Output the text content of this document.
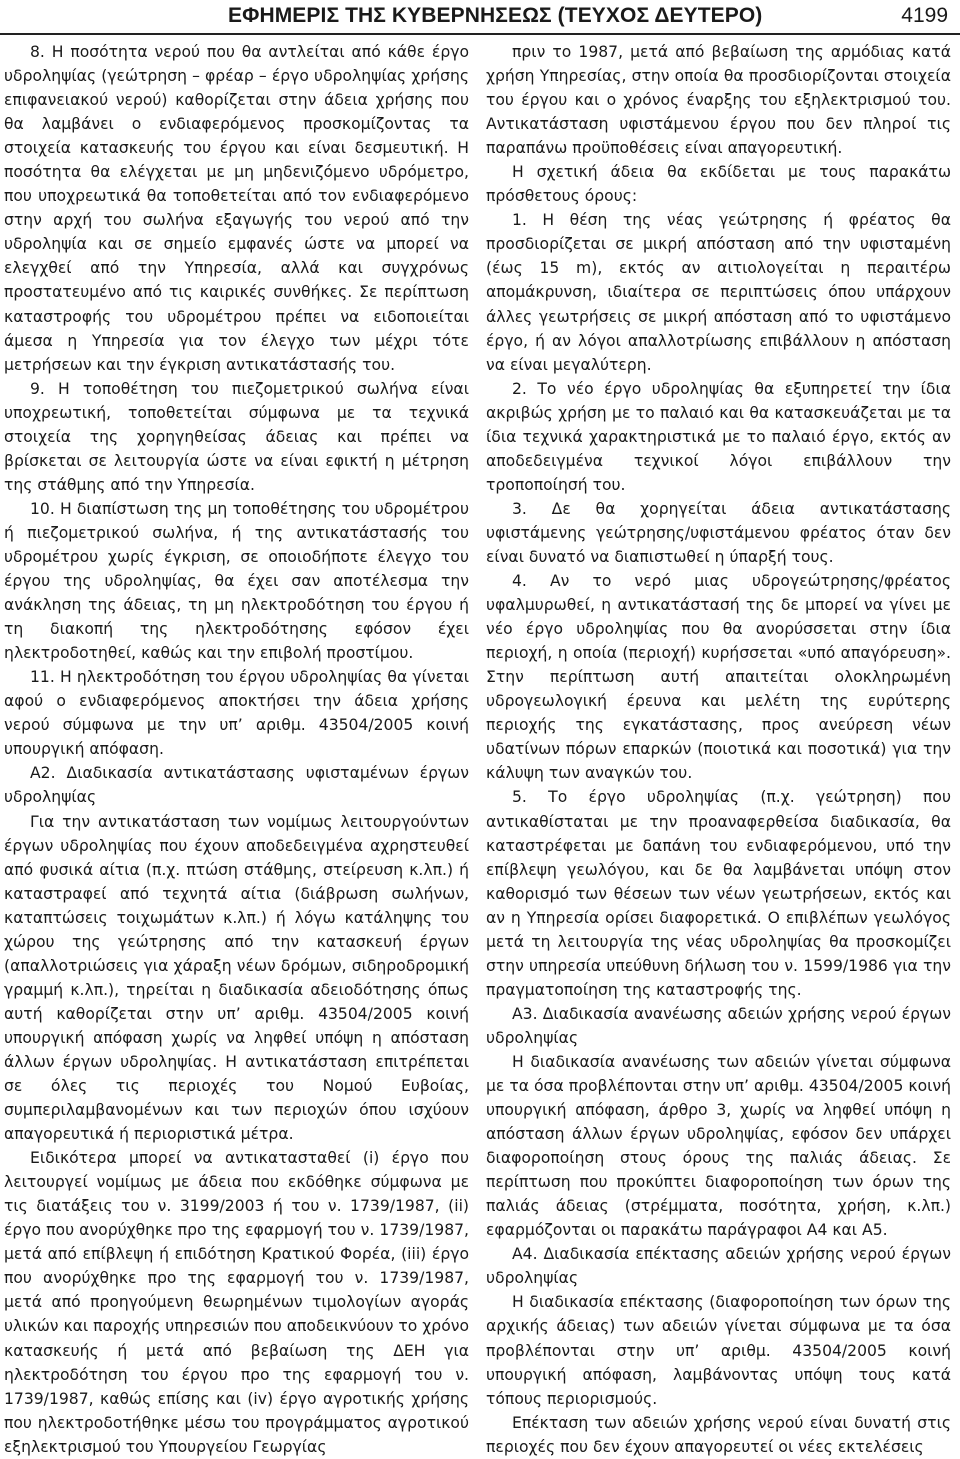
ΕΦΗΜΕΡΙΣ ΤΗΣ ΚΥΒΕΡΝΗΣΕΩΣ (ΤΕΥΧΟΣ ΔΕΥΤΕΡΟ)	4199

8. Η ποσότητα νερού που θα αντλείται από κάθε έργο υδροληψίας (γεώτρηση – φρέαρ – έργο υδροληψίας χρήσης επιφανειακού νερού) καθορίζεται στην άδεια χρήσης που θα λαμβάνει ο ενδιαφερόμενος προσκομίζοντας τα στοιχεία κατασκευής του έργου και είναι δεσμευτική. Η ποσότητα θα ελέγχεται με μη μηδενιζόμενο υδρόμετρο, που υποχρεωτικά θα τοποθετείται από τον ενδιαφερόμενο στην αρχή του σωλήνα εξαγωγής του νερού από την υδροληψία και σε σημείο εμφανές ώστε να μπορεί να ελεγχθεί από την Υπηρεσία, αλλά και συγχρόνως προστατευμένο από τις καιρικές συνθήκες. Σε περίπτωση καταστροφής του υδρομέτρου πρέπει να ειδοποιείται άμεσα η Υπηρεσία για τον έλεγχο των μέχρι τότε μετρήσεων και την έγκριση αντικατάστασής του.

9. Η τοποθέτηση του πιεζομετρικού σωλήνα είναι υποχρεωτική, τοποθετείται σύμφωνα με τα τεχνικά στοιχεία της χορηγηθείσας άδειας και πρέπει να βρίσκεται σε λειτουργία ώστε να είναι εφικτή η μέτρηση της στάθμης από την Υπηρεσία.

10. Η διαπίστωση της μη τοποθέτησης του υδρομέτρου ή πιεζομετρικού σωλήνα, ή της αντικατάστασής του υδρομέτρου χωρίς έγκριση, σε οποιοδήποτε έλεγχο του έργου της υδροληψίας, θα έχει σαν αποτέλεσμα την ανάκληση της άδειας, τη μη ηλεκτροδότηση του έργου ή τη διακοπή της ηλεκτροδότησης εφόσον έχει ηλεκτροδοτηθεί, καθώς και την επιβολή προστίμου.

11. Η ηλεκτροδότηση του έργου υδροληψίας θα γίνεται αφού ο ενδιαφερόμενος αποκτήσει την άδεια χρήσης νερού σύμφωνα με την υπ’ αριθμ. 43504/2005 κοινή υπουργική απόφαση.

Α2. Διαδικασία αντικατάστασης υφισταμένων έργων υδροληψίας

Για την αντικατάσταση των νομίμως λειτουργούντων έργων υδροληψίας που έχουν αποδεδειγμένα αχρηστευθεί από φυσικά αίτια (π.χ. πτώση στάθμης, στείρευση κ.λπ.) ή καταστραφεί από τεχνητά αίτια (διάβρωση σωλήνων, καταπτώσεις τοιχωμάτων κ.λπ.) ή λόγω κατάληψης του χώρου της γεώτρησης από την κατασκευή έργων (απαλλοτριώσεις για χάραξη νέων δρόμων, σιδηροδρομική γραμμή κ.λπ.), τηρείται η διαδικασία αδειοδότησης όπως αυτή καθορίζεται στην υπ’ αριθμ. 43504/2005 κοινή υπουργική απόφαση χωρίς να ληφθεί υπόψη η απόσταση άλλων έργων υδροληψίας. Η αντικατάσταση επιτρέπεται σε όλες τις περιοχές του Νομού Ευβοίας, συμπεριλαμβανομένων και των περιοχών όπου ισχύουν απαγορευτικά ή περιοριστικά μέτρα.

Ειδικότερα μπορεί να αντικατασταθεί (i) έργο που λειτουργεί νομίμως με άδεια που εκδόθηκε σύμφωνα με τις διατάξεις του ν. 3199/2003 ή του ν. 1739/1987, (ii) έργο που ανορύχθηκε προ της εφαρμογή του ν. 1739/1987, μετά από επίβλεψη ή επιδότηση Κρατικού Φορέα, (iii) έργο που ανορύχθηκε προ της εφαρμογή του ν. 1739/1987, μετά από προηγούμενη θεωρημένων τιμολογίων αγοράς υλικών και παροχής υπηρεσιών που αποδεικνύουν το χρόνο κατασκευής ή μετά από βεβαίωση της ΔΕΗ για ηλεκτροδότηση του έργου προ της εφαρμογή του ν. 1739/1987, καθώς επίσης και (iv) έργο αγροτικής χρήσης που ηλεκτροδοτήθηκε μέσω του προγράμματος αγροτικού εξηλεκτρισμού του Υπουργείου Γεωργίας

πριν το 1987, μετά από βεβαίωση της αρμόδιας κατά χρήση Υπηρεσίας, στην οποία θα προσδιορίζονται στοιχεία του έργου και ο χρόνος έναρξης του εξηλεκτρισμού του. Αντικατάσταση υφιστάμενου έργου που δεν πληροί τις παραπάνω προϋποθέσεις είναι απαγορευτική.

Η σχετική άδεια θα εκδίδεται με τους παρακάτω πρόσθετους όρους:

1. Η θέση της νέας γεώτρησης ή φρέατος θα προσδιορίζεται σε μικρή απόσταση από την υφισταμένη (έως 15 m), εκτός αν αιτιολογείται η περαιτέρω απομάκρυνση, ιδιαίτερα σε περιπτώσεις όπου υπάρχουν άλλες γεωτρήσεις σε μικρή απόσταση από το υφιστάμενο έργο, ή αν λόγοι απαλλοτρίωσης επιβάλλουν η απόσταση να είναι μεγαλύτερη.

2. Το νέο έργο υδροληψίας θα εξυπηρετεί την ίδια ακριβώς χρήση με το παλαιό και θα κατασκευάζεται με τα ίδια τεχνικά χαρακτηριστικά με το παλαιό έργο, εκτός αν αποδεδειγμένα τεχνικοί λόγοι επιβάλλουν την τροποποίησή του.

3. Δε θα χορηγείται άδεια αντικατάστασης υφιστάμενης γεώτρησης/υφιστάμενου φρέατος όταν δεν είναι δυνατό να διαπιστωθεί η ύπαρξή τους.

4. Αν το νερό μιας υδρογεώτρησης/φρέατος υφαλμυρωθεί, η αντικατάστασή της δε μπορεί να γίνει με νέο έργο υδροληψίας που θα ανορύσσεται στην ίδια περιοχή, η οποία (περιοχή) κυρήσσεται «υπό απαγόρευση». Στην περίπτωση αυτή απαιτείται ολοκληρωμένη υδρογεωλογική έρευνα και μελέτη της ευρύτερης περιοχής της εγκατάστασης, προς ανεύρεση νέων υδατίνων πόρων επαρκών (ποιοτικά και ποσοτικά) για την κάλυψη των αναγκών του.

5. Το έργο υδροληψίας (π.χ. γεώτρηση) που αντικαθίσταται με την προαναφερθείσα διαδικασία, θα καταστρέφεται με δαπάνη του ενδιαφερόμενου, υπό την επίβλεψη γεωλόγου, και δε θα λαμβάνεται υπόψη στον καθορισμό των θέσεων των νέων γεωτρήσεων, εκτός και αν η Υπηρεσία ορίσει διαφορετικά. Ο επιβλέπων γεωλόγος μετά τη λειτουργία της νέας υδροληψίας θα προσκομίζει στην υπηρεσία υπεύθυνη δήλωση του ν. 1599/1986 για την πραγματοποίηση της καταστροφής της.

Α3. Διαδικασία ανανέωσης αδειών χρήσης νερού έργων υδροληψίας

Η διαδικασία ανανέωσης των αδειών γίνεται σύμφωνα με τα όσα προβλέπονται στην υπ’ αριθμ. 43504/2005 κοινή υπουργική απόφαση, άρθρο 3, χωρίς να ληφθεί υπόψη η απόσταση άλλων έργων υδροληψίας, εφόσον δεν υπάρχει διαφοροποίηση στους όρους της παλιάς άδειας. Σε περίπτωση που προκύπτει διαφοροποίηση των όρων της παλιάς άδειας (στρέμματα, ποσότητα, χρήση, κ.λπ.) εφαρμόζονται οι παρακάτω παράγραφοι Α4 και Α5.

Α4. Διαδικασία επέκτασης αδειών χρήσης νερού έργων υδροληψίας

Η διαδικασία επέκτασης (διαφοροποίηση των όρων της αρχικής άδειας) των αδειών γίνεται σύμφωνα με τα όσα προβλέπονται στην υπ’ αριθμ. 43504/2005 κοινή υπουργική απόφαση, λαμβάνοντας υπόψη τους κατά τόπους περιορισμούς.

Επέκταση των αδειών χρήσης νερού είναι δυνατή στις περιοχές που δεν έχουν απαγορευτεί οι νέες εκτελέσεις
